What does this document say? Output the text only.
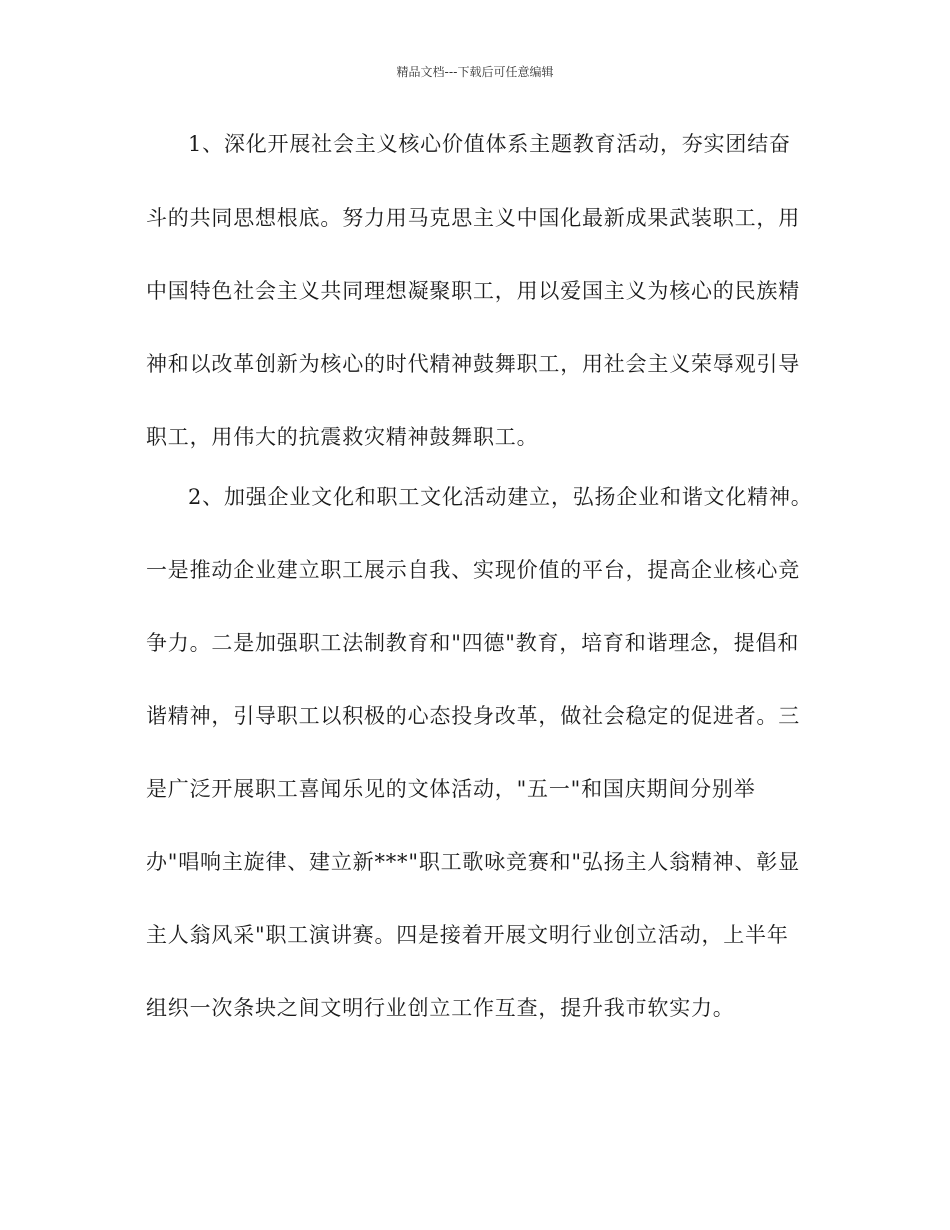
精品文档---下载后可任意编辑
1、深化开展社会主义核心价值体系主题教育活动，夯实团结奋
斗的共同思想根底。努力用马克思主义中国化最新成果武装职工，用
中国特色社会主义共同理想凝聚职工，用以爱国主义为核心的民族精
神和以改革创新为核心的时代精神鼓舞职工，用社会主义荣辱观引导
职工，用伟大的抗震救灾精神鼓舞职工。
2、加强企业文化和职工文化活动建立，弘扬企业和谐文化精神。
一是推动企业建立职工展示自我、实现价值的平台，提高企业核心竞
争力。二是加强职工法制教育和"四德"教育，培育和谐理念，提倡和
谐精神，引导职工以积极的心态投身改革，做社会稳定的促进者。三
是广泛开展职工喜闻乐见的文体活动，"五一"和国庆期间分别举
办"唱响主旋律、建立新***"职工歌咏竞赛和"弘扬主人翁精神、彰显
主人翁风采"职工演讲赛。四是接着开展文明行业创立活动，上半年
组织一次条块之间文明行业创立工作互查，提升我市软实力。
